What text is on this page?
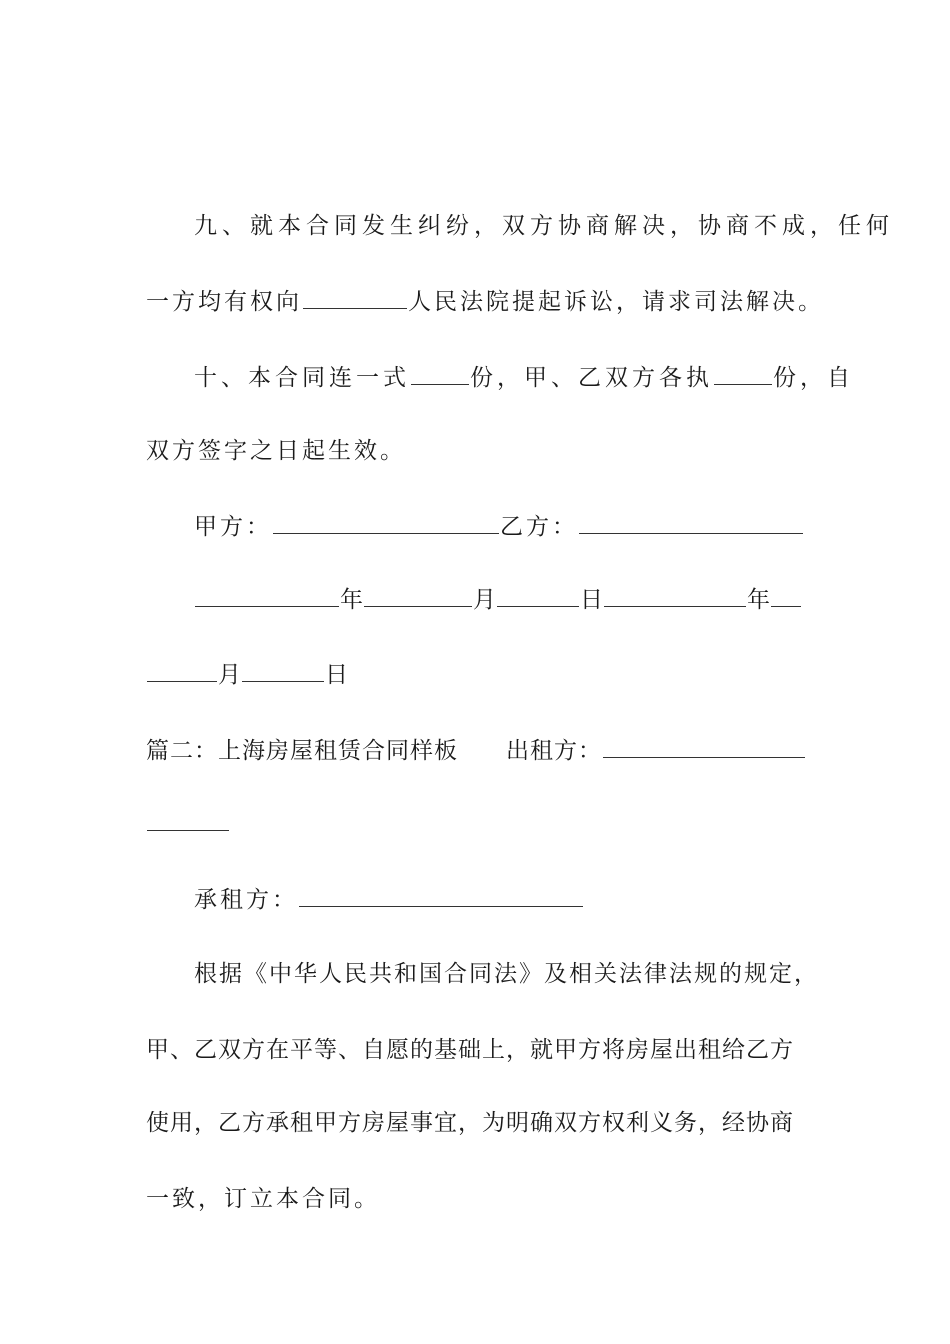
九、就本合同发生纠纷，双方协商解决，协商不成，任何
一方均有权向	人民法院提起诉讼，请求司法解决。
十、本合同连一式	份，甲、乙双方各执	份，自
双方签字之日起生效。
甲方：	乙方：
年	月	日	年
月	日
篇二：上海房屋租赁合同样板 出租方：
承租方：
根据《中华人民共和国合同法》及相关法律法规的规定，
甲、乙双方在平等、自愿的基础上，就甲方将房屋出租给乙方
使用，乙方承租甲方房屋事宜，为明确双方权利义务，经协商
一致，订立本合同。
